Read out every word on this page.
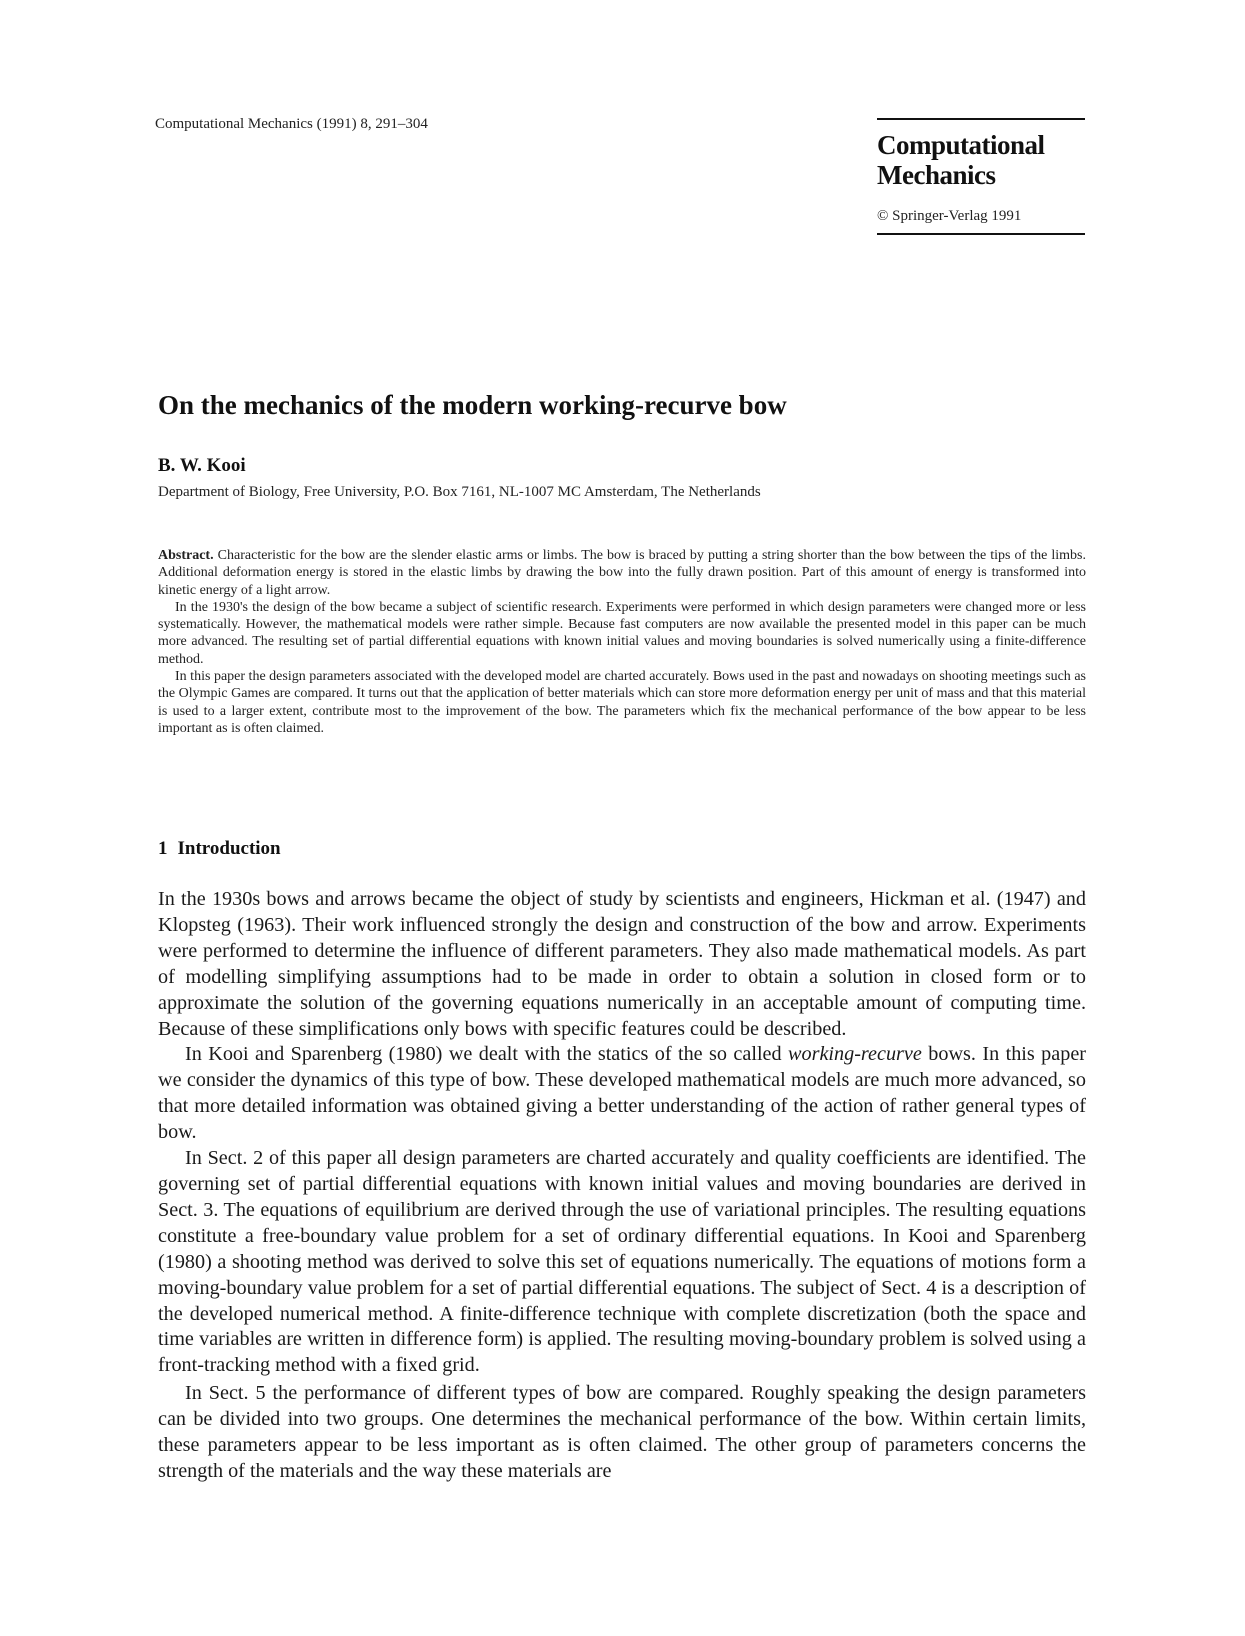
Computational Mechanics (1991) 8, 291–304
Computational
Mechanics
© Springer-Verlag 1991
On the mechanics of the modern working-recurve bow
B. W. Kooi
Department of Biology, Free University, P.O. Box 7161, NL-1007 MC Amsterdam, The Netherlands

Abstract. Characteristic for the bow are the slender elastic arms or limbs. The bow is braced by putting a string shorter than the bow between the tips of the limbs. Additional deformation energy is stored in the elastic limbs by drawing the bow into the fully drawn position. Part of this amount of energy is transformed into kinetic energy of a light arrow.

In the 1930's the design of the bow became a subject of scientific research. Experiments were performed in which design parameters were changed more or less systematically. However, the mathematical models were rather simple. Because fast computers are now available the presented model in this paper can be much more advanced. The resulting set of partial differential equations with known initial values and moving boundaries is solved numerically using a finite-difference method.

In this paper the design parameters associated with the developed model are charted accurately. Bows used in the past and nowadays on shooting meetings such as the Olympic Games are compared. It turns out that the application of better materials which can store more deformation energy per unit of mass and that this material is used to a larger extent, contribute most to the improvement of the bow. The parameters which fix the mechanical performance of the bow appear to be less important as is often claimed.

1 Introduction

In the 1930s bows and arrows became the object of study by scientists and engineers, Hickman et al. (1947) and Klopsteg (1963). Their work influenced strongly the design and construction of the bow and arrow. Experiments were performed to determine the influence of different parameters. They also made mathematical models. As part of modelling simplifying assumptions had to be made in order to obtain a solution in closed form or to approximate the solution of the governing equations numerically in an acceptable amount of computing time. Because of these simplifications only bows with specific features could be described.

In Kooi and Sparenberg (1980) we dealt with the statics of the so called working-recurve bows. In this paper we consider the dynamics of this type of bow. These developed mathematical models are much more advanced, so that more detailed information was obtained giving a better understanding of the action of rather general types of bow.

In Sect. 2 of this paper all design parameters are charted accurately and quality coefficients are identified. The governing set of partial differential equations with known initial values and moving boundaries are derived in Sect. 3. The equations of equilibrium are derived through the use of variational principles. The resulting equations constitute a free-boundary value problem for a set of ordinary differential equations. In Kooi and Sparenberg (1980) a shooting method was derived to solve this set of equations numerically. The equations of motions form a moving-boundary value problem for a set of partial differential equations. The subject of Sect. 4 is a description of the developed numerical method. A finite-difference technique with complete discretization (both the space and time variables are written in difference form) is applied. The resulting moving-boundary problem is solved using a front-tracking method with a fixed grid.

In Sect. 5 the performance of different types of bow are compared. Roughly speaking the design parameters can be divided into two groups. One determines the mechanical performance of the bow. Within certain limits, these parameters appear to be less important as is often claimed. The other group of parameters concerns the strength of the materials and the way these materials are
